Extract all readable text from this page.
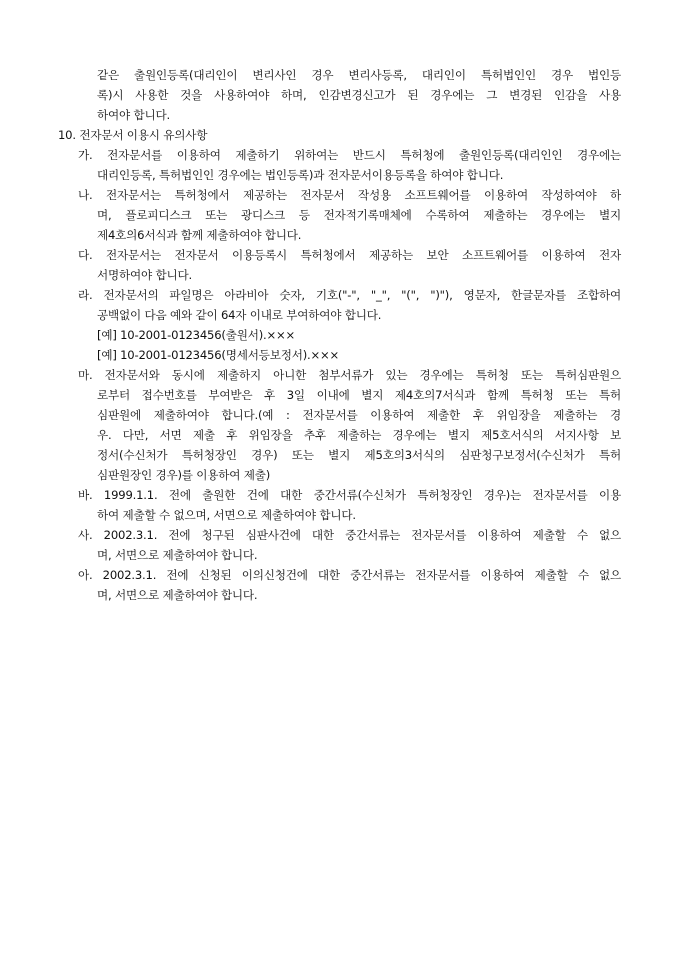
같은 출원인등록(대리인이 변리사인 경우 변리사등록, 대리인이 특허법인인 경우 법인등
록)시 사용한 것을 사용하여야 하며, 인감변경신고가 된 경우에는 그 변경된 인감을 사용
하여야 합니다.
10. 전자문서 이용시 유의사항
가. 전자문서를 이용하여 제출하기 위하여는 반드시 특허청에 출원인등록(대리인인 경우에는
대리인등록, 특허법인인 경우에는 법인등록)과 전자문서이용등록을 하여야 합니다.
나. 전자문서는 특허청에서 제공하는 전자문서 작성용 소프트웨어를 이용하여 작성하여야 하
며, 플로피디스크 또는 광디스크 등 전자적기록매체에 수록하여 제출하는 경우에는 별지
제4호의6서식과 함께 제출하여야 합니다.
다. 전자문서는 전자문서 이용등록시 특허청에서 제공하는 보안 소프트웨어를 이용하여 전자
서명하여야 합니다.
라. 전자문서의 파일명은 아라비아 숫자, 기호("-", "_", "(", ")"), 영문자, 한글문자를 조합하여
공백없이 다음 예와 같이 64자 이내로 부여하여야 합니다.
[예] 10-2001-0123456(출원서).×××
[예] 10-2001-0123456(명세서등보정서).×××
마. 전자문서와 동시에 제출하지 아니한 첨부서류가 있는 경우에는 특허청 또는 특허심판원으
로부터 접수번호를 부여받은 후 3일 이내에 별지 제4호의7서식과 함께 특허청 또는 특허
심판원에 제출하여야 합니다.(예 : 전자문서를 이용하여 제출한 후 위임장을 제출하는 경
우. 다만, 서면 제출 후 위임장을 추후 제출하는 경우에는 별지 제5호서식의 서지사항 보
정서(수신처가 특허청장인 경우) 또는 별지 제5호의3서식의 심판청구보정서(수신처가 특허
심판원장인 경우)를 이용하여 제출)
바. 1999.1.1. 전에 출원한 건에 대한 중간서류(수신처가 특허청장인 경우)는 전자문서를 이용
하여 제출할 수 없으며, 서면으로 제출하여야 합니다.
사. 2002.3.1. 전에 청구된 심판사건에 대한 중간서류는 전자문서를 이용하여 제출할 수 없으
며, 서면으로 제출하여야 합니다.
아. 2002.3.1. 전에 신청된 이의신청건에 대한 중간서류는 전자문서를 이용하여 제출할 수 없으
며, 서면으로 제출하여야 합니다.
